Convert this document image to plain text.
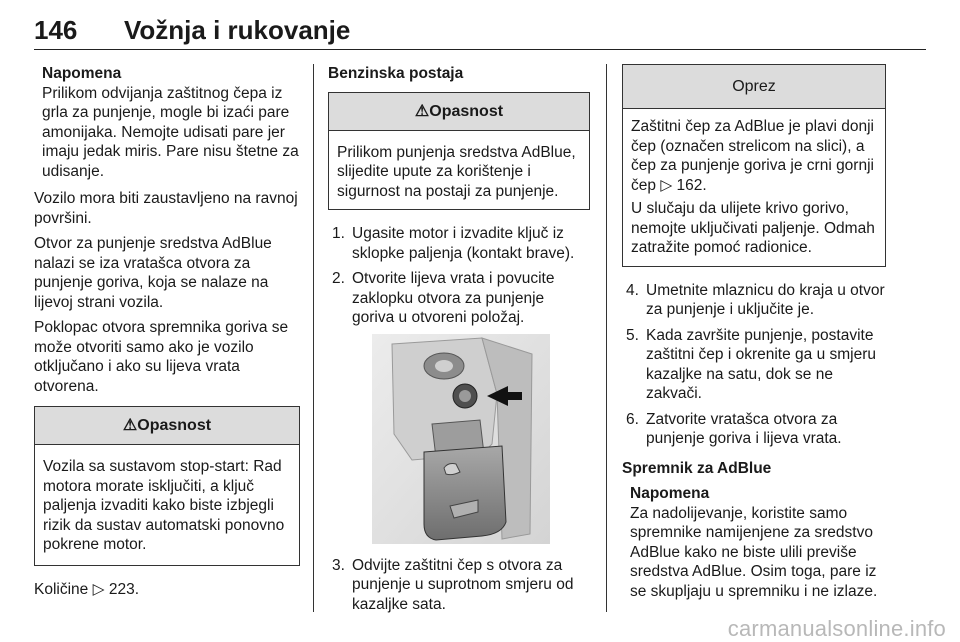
146 Vožnja i rukovanje
Napomena

Prilikom odvijanja zaštitnog čepa iz grla za punjenje, mogle bi izaći pare amonijaka. Nemojte udisati pare jer imaju jedak miris. Pare nisu štetne za udisanje.

Vozilo mora biti zaustavljeno na ravnoj površini.

Otvor za punjenje sredstva AdBlue nalazi se iza vratašca otvora za punjenje goriva, koja se nalaze na lijevoj strani vozila.

Poklopac otvora spremnika goriva se može otvoriti samo ako je vozilo otključano i ako su lijeva vrata otvorena.

⚠Opasnost

Vozila sa sustavom stop-start: Rad motora morate isključiti, a ključ paljenja izvaditi kako biste izbjegli rizik da sustav automatski ponovno pokrene motor.

Količine ▷ 223.

Benzinska postaja
⚠Opasnost

Prilikom punjenja sredstva AdBlue, slijedite upute za korištenje i sigurnost na postaji za punjenje.

1. Ugasite motor i izvadite ključ iz sklopke paljenja (kontakt brave).
2. Otvorite lijeva vrata i povucite zaklopku otvora za punjenje goriva u otvoreni položaj.
3. Odvijte zaštitni čep s otvora za punjenje u suprotnom smjeru od kazaljke sata.
Oprez

Zaštitni čep za AdBlue je plavi donji čep (označen strelicom na slici), a čep za punjenje goriva je crni gornji čep ▷ 162.

U slučaju da ulijete krivo gorivo, nemojte uključivati paljenje. Odmah zatražite pomoć radionice.

4. Umetnite mlaznicu do kraja u otvor za punjenje i uključite je.
5. Kada završite punjenje, postavite zaštitni čep i okrenite ga u smjeru kazaljke na satu, dok se ne zakvači.
6. Zatvorite vratašca otvora za punjenje goriva i lijeva vrata.
Spremnik za AdBlue
Napomena

Za nadolijevanje, koristite samo spremnike namijenjene za sredstvo AdBlue kako ne biste ulili previše sredstva AdBlue. Osim toga, pare iz se skupljaju u spremniku i ne izlaze.

carmanualsonline.info
